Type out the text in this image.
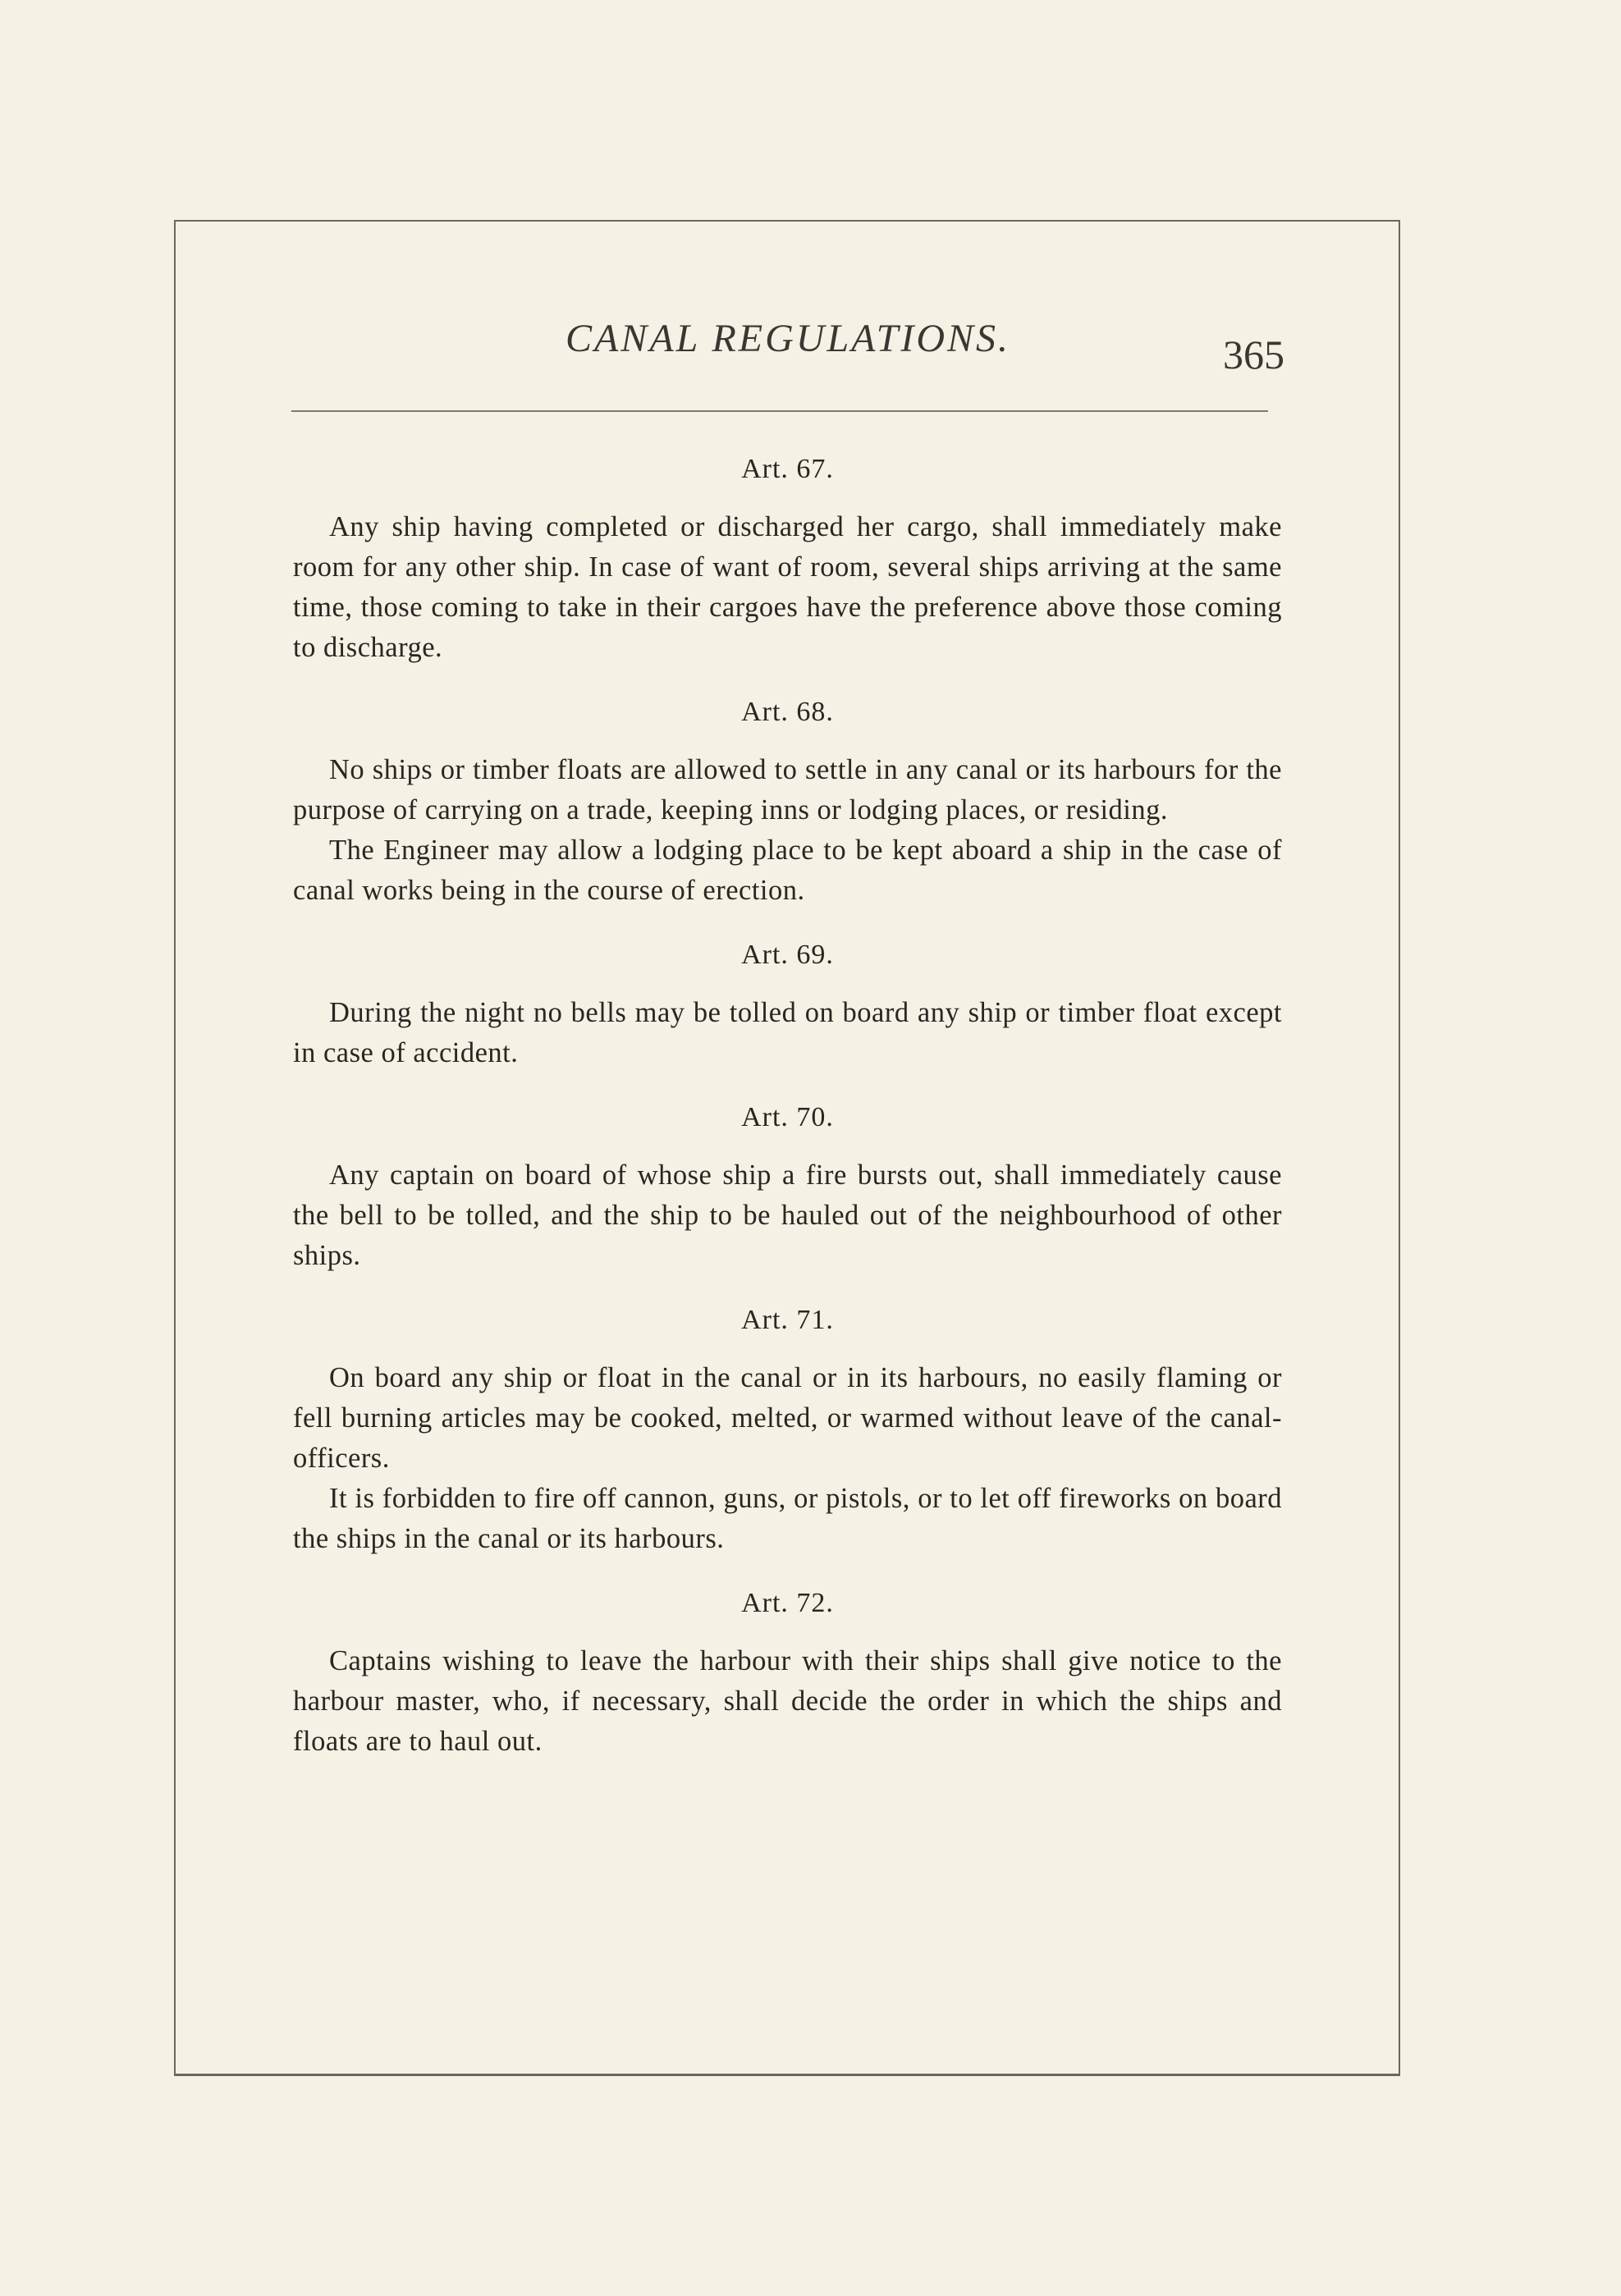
CANAL REGULATIONS.	365
Art. 67.

Any ship having completed or discharged her cargo, shall immediately make room for any other ship. In case of want of room, several ships arriving at the same time, those coming to take in their cargoes have the preference above those coming to discharge.

Art. 68.

No ships or timber floats are allowed to settle in any canal or its harbours for the purpose of carrying on a trade, keeping inns or lodging places, or residing.

The Engineer may allow a lodging place to be kept aboard a ship in the case of canal works being in the course of erection.

Art. 69.

During the night no bells may be tolled on board any ship or timber float except in case of accident.

Art. 70.

Any captain on board of whose ship a fire bursts out, shall immediately cause the bell to be tolled, and the ship to be hauled out of the neighbourhood of other ships.

Art. 71.

On board any ship or float in the canal or in its harbours, no easily flaming or fell burning articles may be cooked, melted, or warmed without leave of the canal-officers.

It is forbidden to fire off cannon, guns, or pistols, or to let off fireworks on board the ships in the canal or its harbours.

Art. 72.

Captains wishing to leave the harbour with their ships shall give notice to the harbour master, who, if necessary, shall decide the order in which the ships and floats are to haul out.
